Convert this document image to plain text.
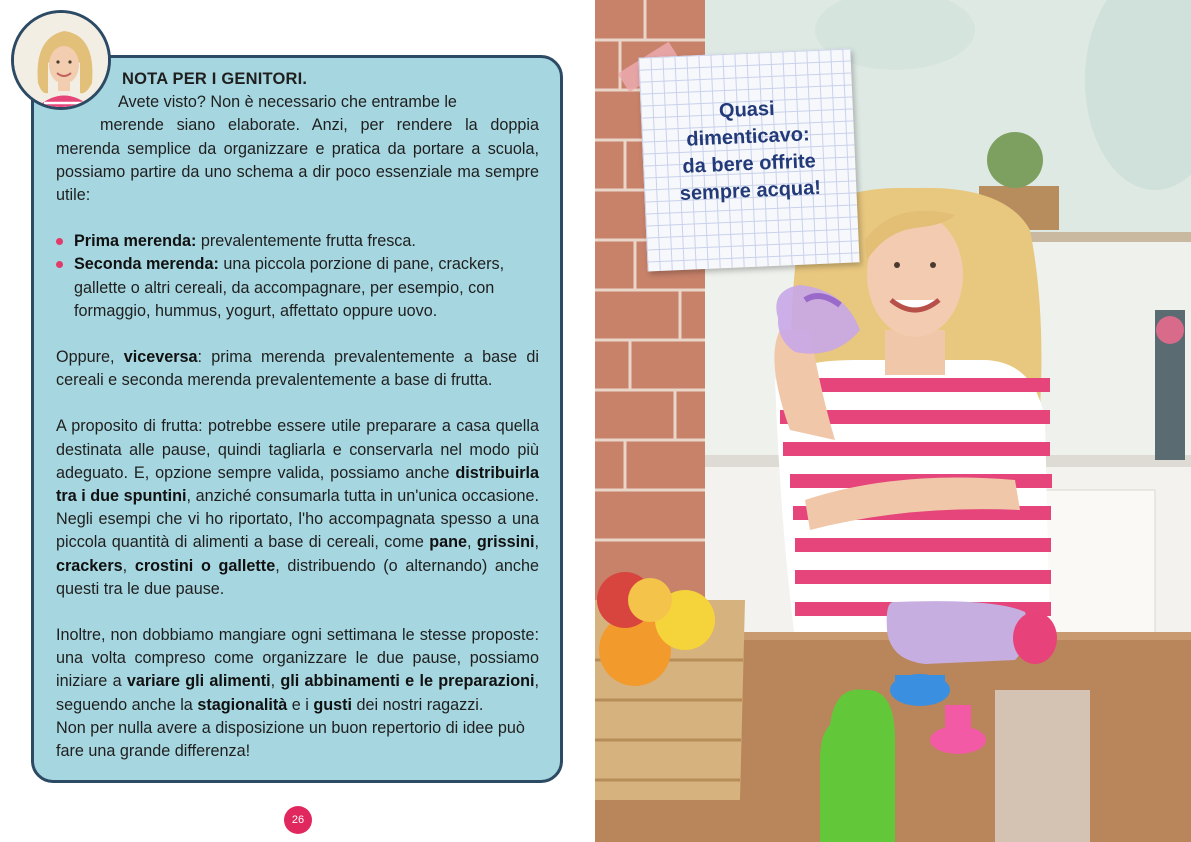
NOTA PER I GENITORI.

Avete visto? Non è necessario che entrambe le

merende siano elaborate. Anzi, per rendere la doppia merenda semplice da organizzare e pratica da portare a scuola, possiamo partire da uno schema a dir poco essenziale ma sempre utile:

Prima merenda: prevalentemente frutta fresca.
Seconda merenda: una piccola porzione di pane, crackers, gallette o altri cereali, da accompagnare, per esempio, con formaggio, hummus, yogurt, affettato oppure uovo.

Oppure, viceversa: prima merenda prevalentemente a base di cereali e seconda merenda prevalentemente a base di frutta.

A proposito di frutta: potrebbe essere utile preparare a casa quella destinata alle pause, quindi tagliarla e conservarla nel modo più adeguato. E, opzione sempre valida, possiamo anche distribuirla tra i due spuntini, anziché consumarla tutta in un'unica occasione. Negli esempi che vi ho riportato, l'ho accompagnata spesso a una piccola quantità di alimenti a base di cereali, come pane, grissini, crackers, crostini o gallette, distribuendo (o alternando) anche questi tra le due pause.

Inoltre, non dobbiamo mangiare ogni settimana le stesse proposte: una volta compreso come organizzare le due pause, possiamo iniziare a variare gli alimenti, gli abbinamenti e le preparazioni, seguendo anche la stagionalità e i gusti dei nostri ragazzi.

Non per nulla avere a disposizione un buon repertorio di idee può fare una grande differenza!

26
Quasi
dimenticavo:
da bere offrite
sempre acqua!
